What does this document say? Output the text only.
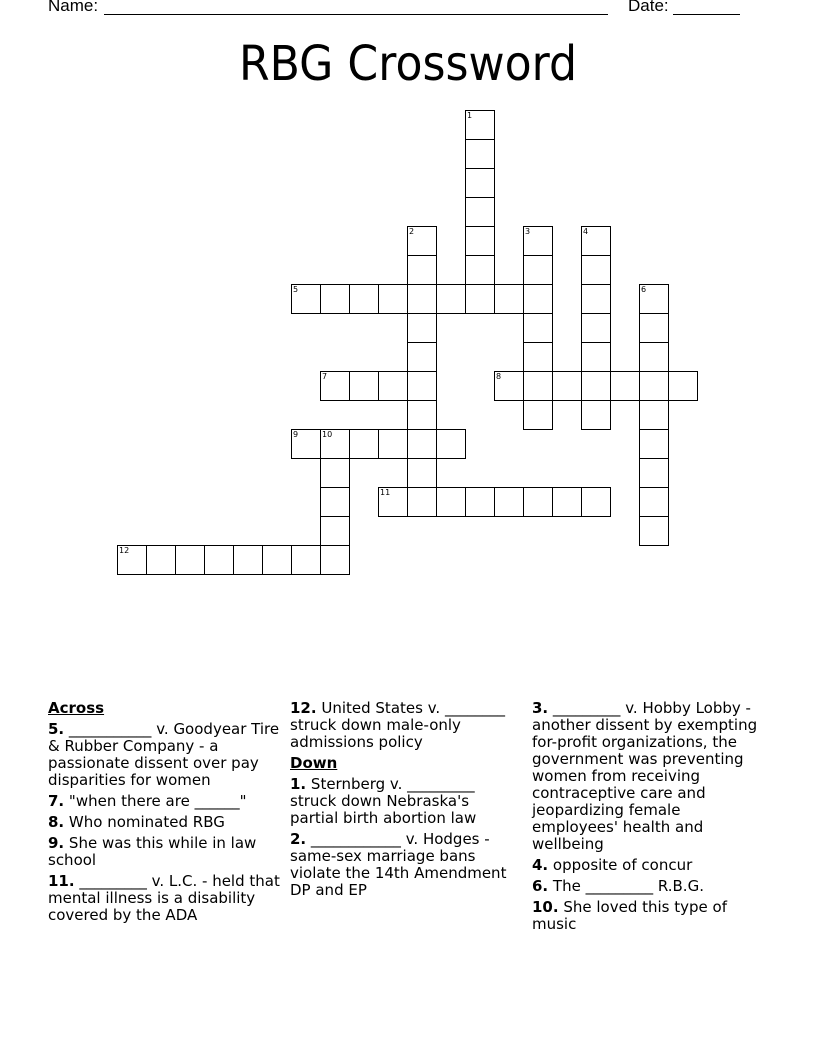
Name:	Date:
RBG Crossword
1
2	3	4
5	6
7	8
9	10
11
12
Across
5. ___________ v. Goodyear Tire & Rubber Company - a passionate dissent over pay disparities for women
7. "when there are ______"
8. Who nominated RBG
9. She was this while in law school
11. _________ v. L.C. - held that mental illness is a disability covered by the ADA
12. United States v. ________ struck down male-only admissions policy
Down
1. Sternberg v. _________ struck down Nebraska's partial birth abortion law
2. ____________ v. Hodges - same-sex marriage bans violate the 14th Amendment DP and EP
3. _________ v. Hobby Lobby - another dissent by exempting for-profit organizations, the government was preventing women from receiving contraceptive care and jeopardizing female employees' health and wellbeing
4. opposite of concur
6. The _________ R.B.G.
10. She loved this type of music
